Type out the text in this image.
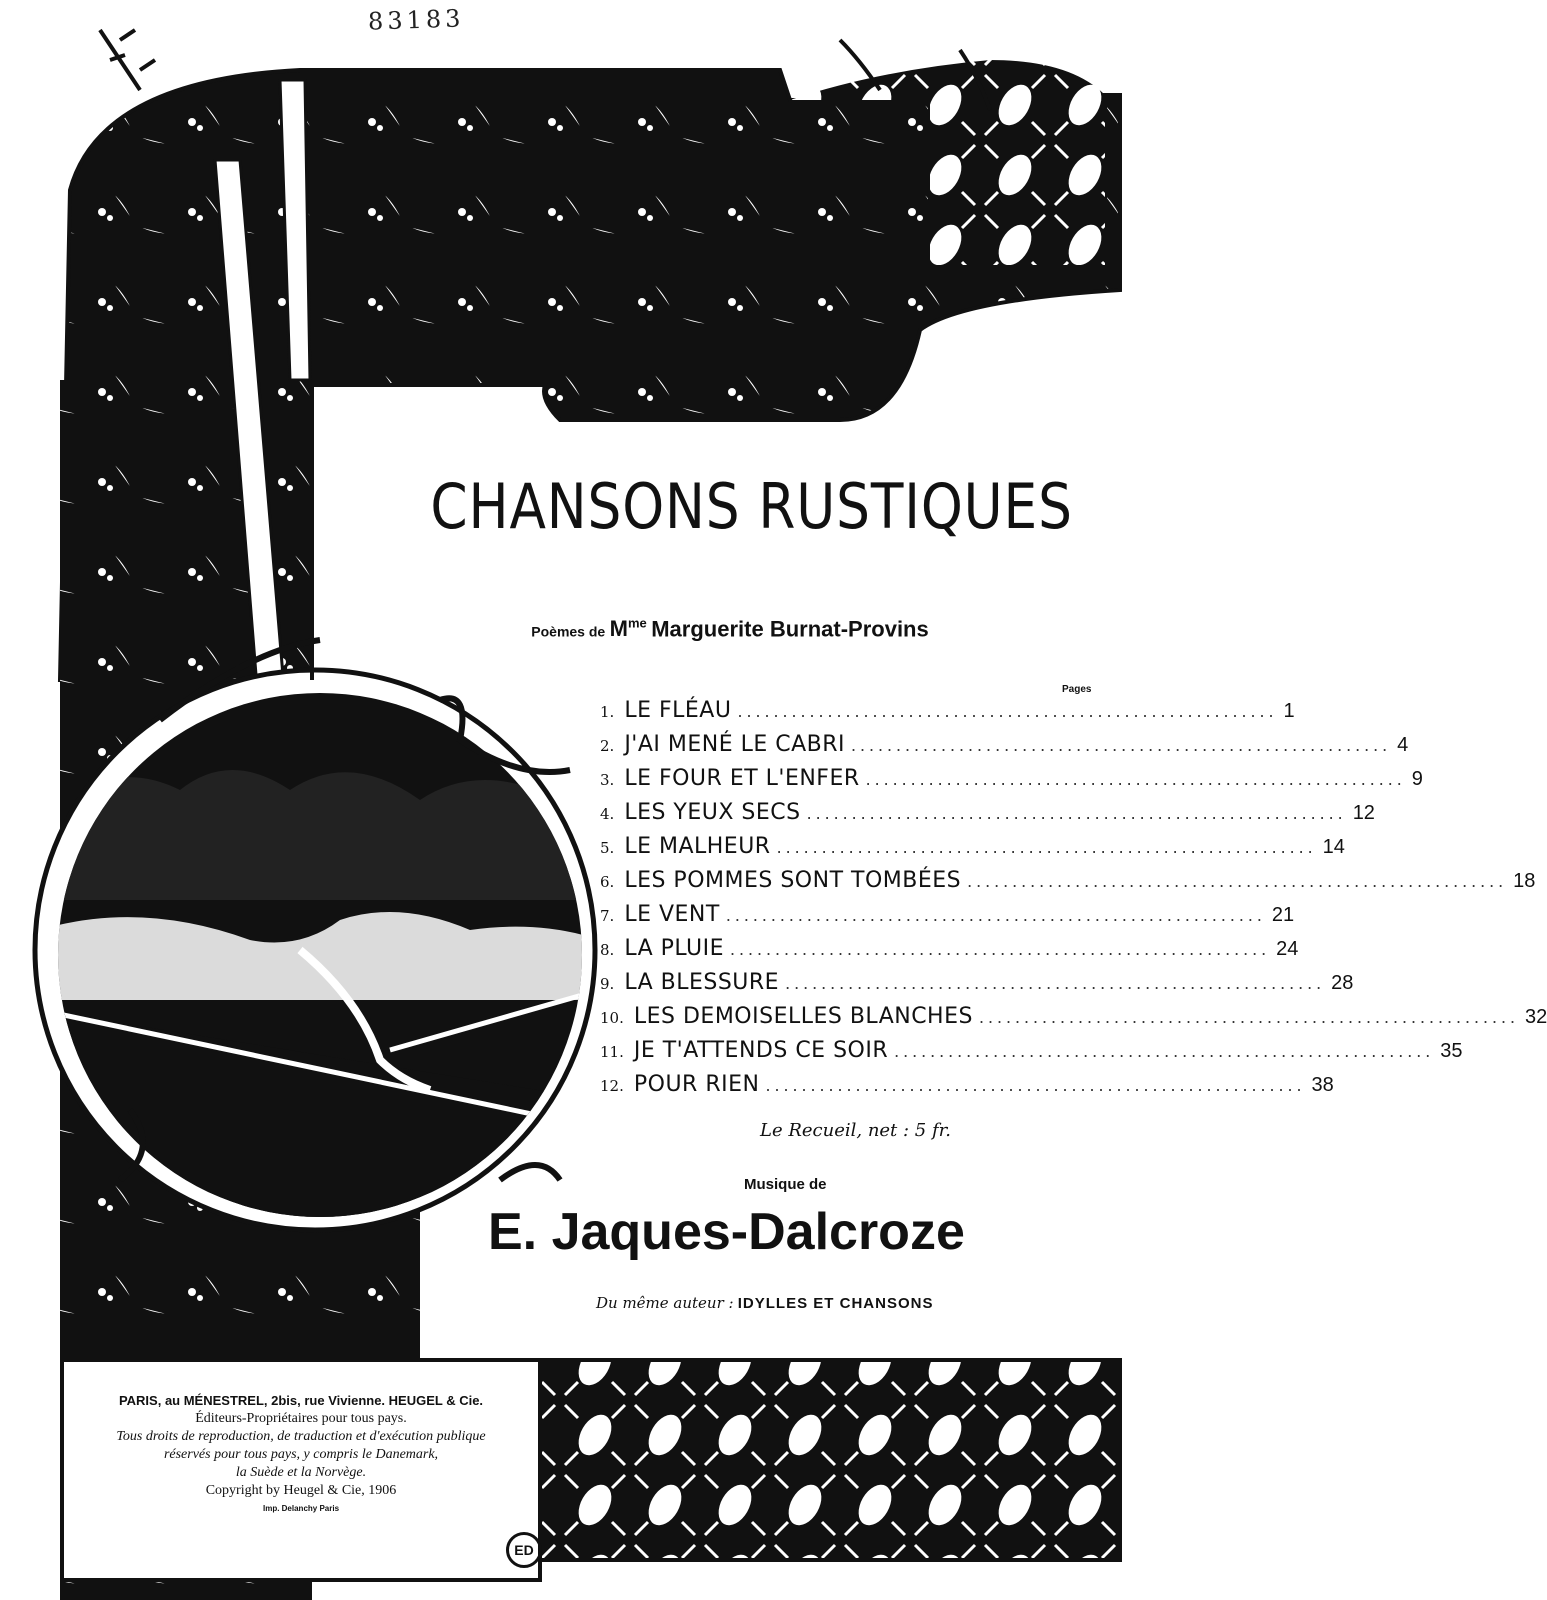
83183
CHANSONS RUSTIQUES
Poèmes de $M^{me}$ Marguerite Burnat-Provins
Pages
1. LE FLÉAU ............................................................ 1
2. J'AI MENÉ LE CABRI ............................................................ 4
3. LE FOUR ET L'ENFER ............................................................ 9
4. LES YEUX SECS ............................................................ 12
5. LE MALHEUR ............................................................ 14
6. LES POMMES SONT TOMBÉES ............................................................ 18
7. LE VENT ............................................................ 21
8. LA PLUIE ............................................................ 24
9. LA BLESSURE ............................................................ 28
10. LES DEMOISELLES BLANCHES ............................................................ 32
11. JE T'ATTENDS CE SOIR ............................................................ 35
12. POUR RIEN ............................................................ 38
Le Recueil, net : 5 fr.
Musique de
E. Jaques-Dalcroze
Du même auteur : IDYLLES ET CHANSONS
PARIS, au MÉNESTREL, 2bis, rue Vivienne. HEUGEL & Cie.
Éditeurs-Propriétaires pour tous pays.
Tous droits de reproduction, de traduction et d'exécution publique
réservés pour tous pays, y compris le Danemark,
la Suède et la Norvège.
Copyright by Heugel & Cie, 1906
Imp. Delanchy Paris
ED
